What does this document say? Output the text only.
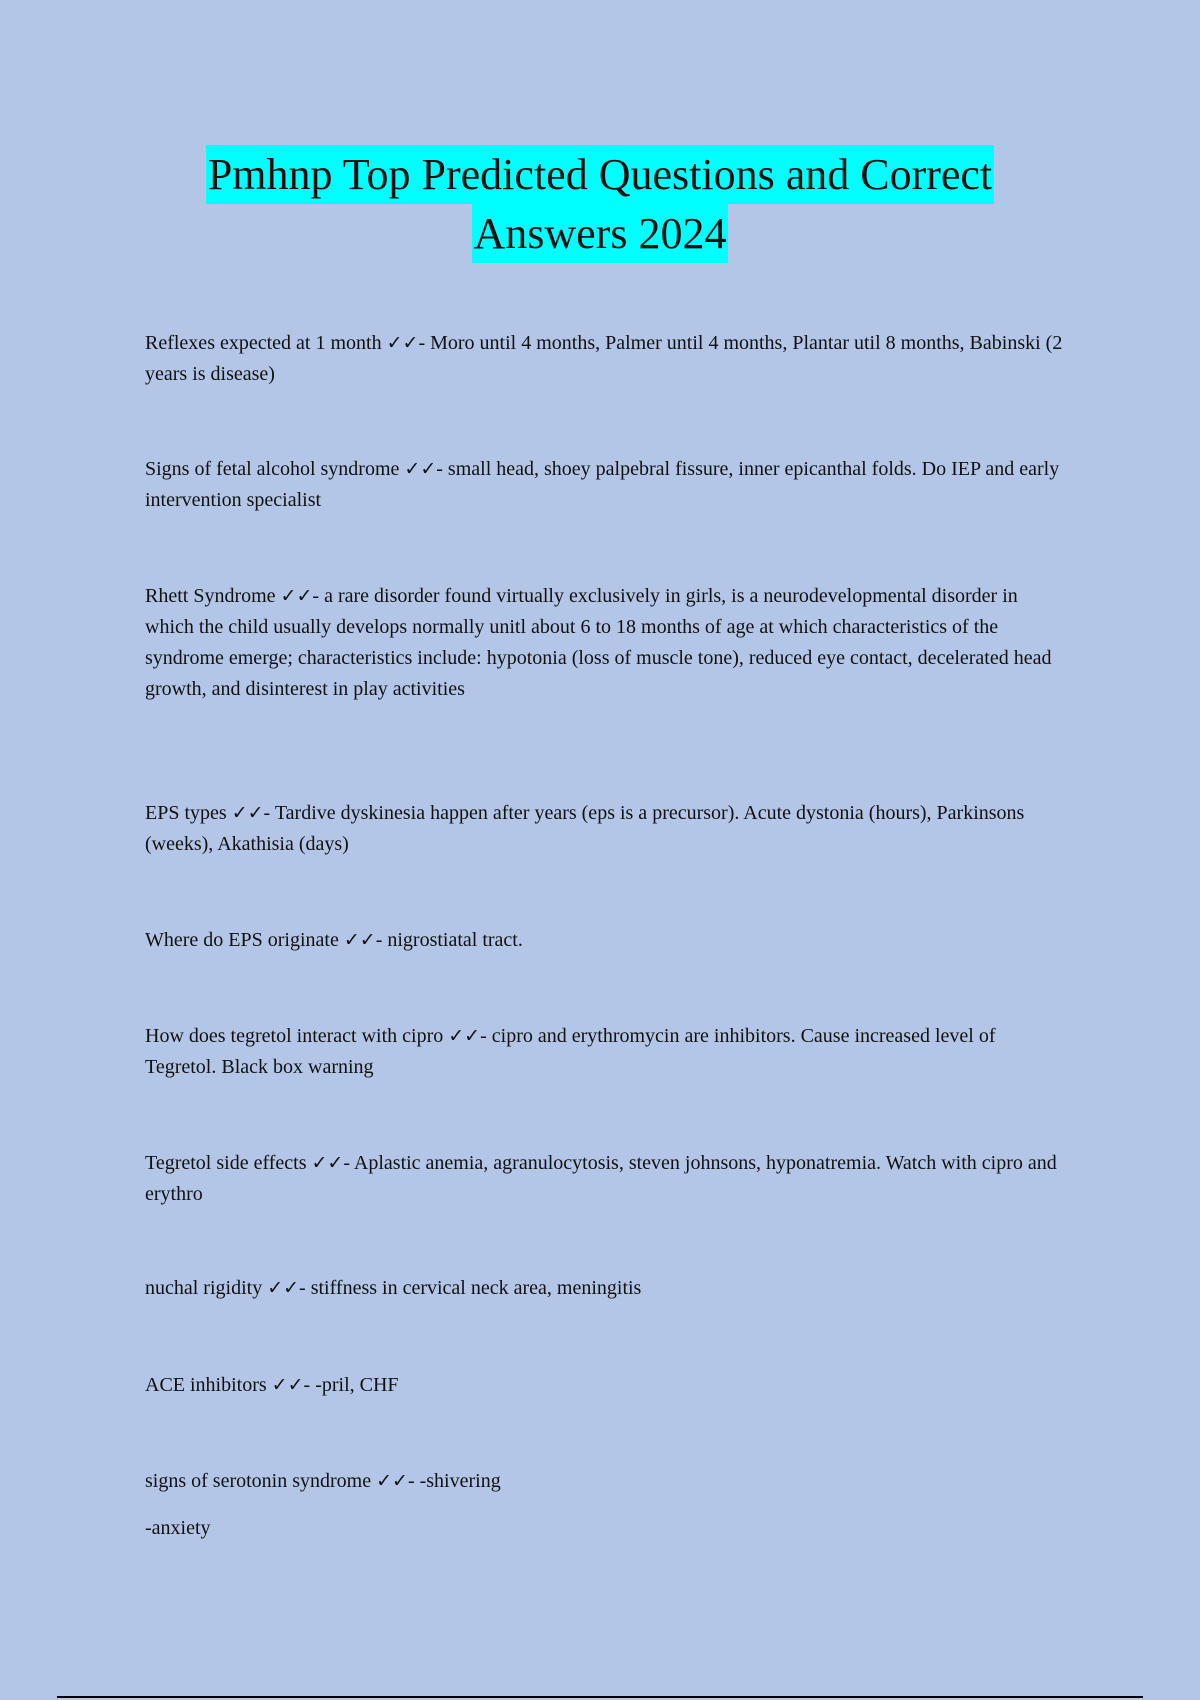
Pmhnp Top Predicted Questions and Correct
Answers 2024

Reflexes expected at 1 month ✓✓- Moro until 4 months, Palmer until 4 months, Plantar util 8 months, Babinski (2 years is disease)

Signs of fetal alcohol syndrome ✓✓- small head, shoey palpebral fissure, inner epicanthal folds. Do IEP and early intervention specialist

Rhett Syndrome ✓✓- a rare disorder found virtually exclusively in girls, is a neurodevelopmental disorder in which the child usually develops normally unitl about 6 to 18 months of age at which characteristics of the syndrome emerge; characteristics include: hypotonia (loss of muscle tone), reduced eye contact, decelerated head growth, and disinterest in play activities

EPS types ✓✓- Tardive dyskinesia happen after years (eps is a precursor). Acute dystonia (hours), Parkinsons (weeks), Akathisia (days)

Where do EPS originate ✓✓- nigrostiatal tract.

How does tegretol interact with cipro ✓✓- cipro and erythromycin are inhibitors. Cause increased level of Tegretol. Black box warning

Tegretol side effects ✓✓- Aplastic anemia, agranulocytosis, steven johnsons, hyponatremia. Watch with cipro and erythro

nuchal rigidity ✓✓- stiffness in cervical neck area, meningitis

ACE inhibitors ✓✓- -pril, CHF

signs of serotonin syndrome ✓✓- -shivering

-anxiety
